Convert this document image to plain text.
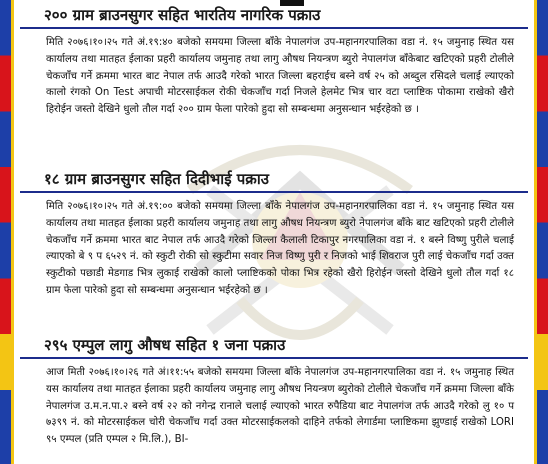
२०० ग्राम ब्राउनसुगर सहित भारतिय नागरिक पक्राउ
मिति २०७६।१०।२५ गते अं.१९:४० बजेको समयमा जिल्ला बाँके नेपालगंज उप-महानगरपालिका वडा नं. १५ जमुनाह स्थित यस कार्यालय तथा मातहत ईलाका प्रहरी कार्यालय जमुनाह तथा लागु औषध नियन्त्रण ब्युरो नेपालगंज बाँकेबाट खटिएको प्रहरी टोलीले चेकजाँच गर्ने क्रममा भारत बाट नेपाल तर्फ आउदै गरेको भारत जिल्ला बहराईच बस्ने वर्ष २५ को अब्दुल रसिदले चलाई ल्याएको कालो रंगको On Test अपाची मोटरसाईकल रोकी चेकजाँच गर्दा निजले हेलमेट भित्र चार वटा प्लाष्टिक पोकामा राखेको खैरो हिरोईन जस्तो देखिने धुलो तौल गर्दा २०० ग्राम फेला पारेको हुदा सो सम्बन्धमा अनुसन्धान भईरहेको छ ।
१८ ग्राम ब्राउनसुगर सहित दिदीभाई पक्राउ
मिति २०७६।१०।२५ गते अं.१९:०० बजेको समयमा जिल्ला बाँके नेपालगंज उप-महानगरपालिका वडा नं. १५ जमुनाह स्थित यस कार्यालय तथा मातहत ईलाका प्रहरी कार्यालय जमुनाह तथा लागु औषध नियन्त्रण ब्युरो नेपालगंज बाँके बाट खटिएको प्रहरी टोलीले चेकजाँच गर्ने क्रममा भारत बाट नेपाल तर्फ आउदै गरेको जिल्ला कैलाली टिकापुर नगरपालिका वडा नं. १ बस्ने विष्णु पुरीले चलाई ल्याएको बे ९ प ६५२९ नं. को स्कुटी रोकी सो स्कुटीमा सवार निज विष्णु पुरी र निजको भाई शिवराज पुरी लाई चेकजाँच गर्दा उक्त स्कुटीको पछाडी मेडगाड भित्र लुकाई राखेको कालो प्लाष्टिकको पोका भित्र रहेको खैरो हिरोईन जस्तो देखिने धुलो तौल गर्दा १८ ग्राम फेला पारेको हुदा सो सम्बन्धमा अनुसन्धान भईरहेको छ ।
२९५ एम्पुल लागु औषध सहित १ जना पक्राउ
आज मिती २०७६।१०।२६ गते अं।११:५५ बजेको समयमा जिल्ला बाँके नेपालगंज उप-महानगरपालिका वडा नं. १५ जमुनाह स्थित यस कार्यालय तथा मातहत ईलाका प्रहरी कार्यालय जमुनाह लागु औषध नियन्त्रण ब्युरोको टोलीले चेकजाँच गर्ने क्रममा जिल्ला बाँके नेपालगंज उ.म.न.पा.२ बस्ने वर्ष २२ को नगेन्द्र रानाले चलाई ल्याएको भारत रुपैडिया बाट नेपालगंज तर्फ आउदै गरेको लु १० प ७३९९ नं. को मोटरसाईकल चोरी चेकजाँच गर्दा उक्त मोटरसाईकलको दाहिने तर्फको लेगार्डमा प्लाष्टिकमा झुण्डाई राखेको LORI ९५ एम्पल (प्रति एम्पल २ मि.लि.), BI-
